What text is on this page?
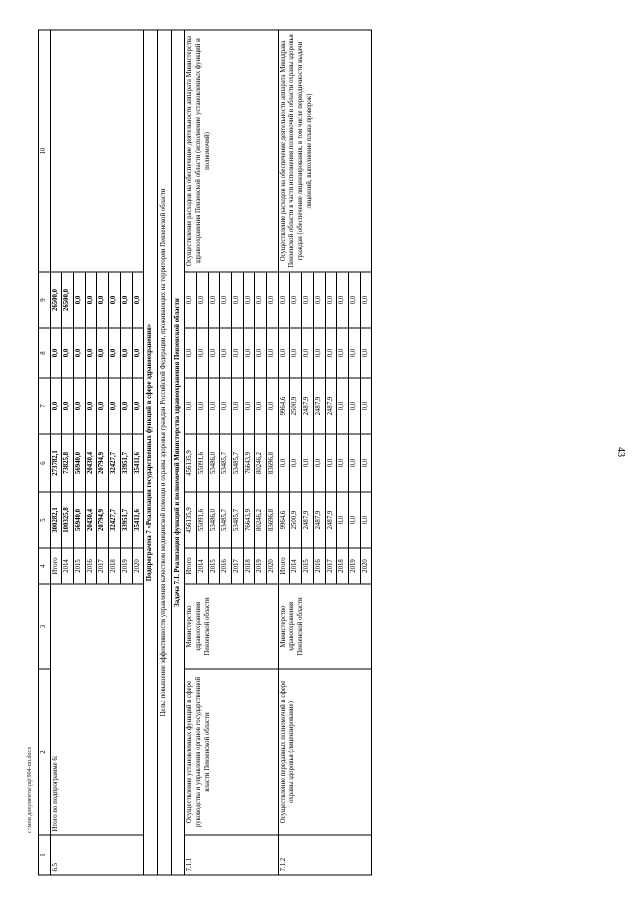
43
c:\мои документы\рф\904-пп.docx
1	2	3	4	5	6	7	8	9	10
6.5	Итого по подпрограмме 6:		Итого	300282,1	273782,1	0,0	0,0	26500,0	
			2014	100325,8	73825,8	0,0	0,0	26500,0	
			2015	56940,0	56940,0	0,0	0,0	0,0	
			2016	20430,4	20430,4	0,0	0,0	0,0	
			2017	20794,9	20794,9	0,0	0,0	0,0	
			2018	32427,7	32427,7	0,0	0,0	0,0	
			2019	33951,7	33951,7	0,0	0,0	0,0	
			2020	35411,6	35411,6	0,0	0,0	0,0	
Подпрограмма 7 «Реализация государственных функций в сфере здравоохранения»									
Цель: повышение эффективности управления качеством медицинской помощи и охраны здоровья граждан Российской Федерации, проживающих на территории Пензенской области									
Задача 7.1. Реализация функций и полномочий Министерства здравоохранения Пензенской области									
7.1.1	Осуществление установленных функций в сфере руководства и управления органов государственной власти Пензенской области	Министерство здравоохранения Пензенской области	Итого	456135,9	456135,9	0,0	0,0	0,0	Осуществление расходов на обеспечение деятельности аппарата Министерства здравоохранения Пензенской области (исполнение установленных функций и полномочий)
			2014	55091,6	55091,6	0,0	0,0	0,0	
			2015	53486,0	53486,0	0,0	0,0	0,0	
			2016	53485,7	53485,7	0,0	0,0	0,0	
			2017	53485,7	53485,7	0,0	0,0	0,0	
			2018	76643,9	76643,9	0,0	0,0	0,0	
			2019	80246,2	80246,2	0,0	0,0	0,0	
			2020	83696,8	83696,8	0,0	0,0	0,0	
7.1.2	Осуществление переданных полномочий в сфере охраны здоровья (лицензирование)	Министерство здравоохранения Пензенской области	Итого	9964,6	0,0	9964,6	0,0	0,0	Осуществление расходов на обеспечение деятельности аппарата Минздрава Пензенской области в части исполнения полномочий в области охраны здоровья граждан (обеспечение лицензирования, в том числе периодичности выдачи лицензий, выполнение плана проверок)
			2014	2500,9	0,0	2500,9	0,0	0,0	
			2015	2487,9	0,0	2487,9	0,0	0,0	
			2016	2487,9	0,0	2487,9	0,0	0,0	
			2017	2487,9	0,0	2487,9	0,0	0,0	
			2018	0,0	0,0	0,0	0,0	0,0	
			2019	0,0	0,0	0,0	0,0	0,0	
			2020	0,0	0,0	0,0	0,0	0,0	
